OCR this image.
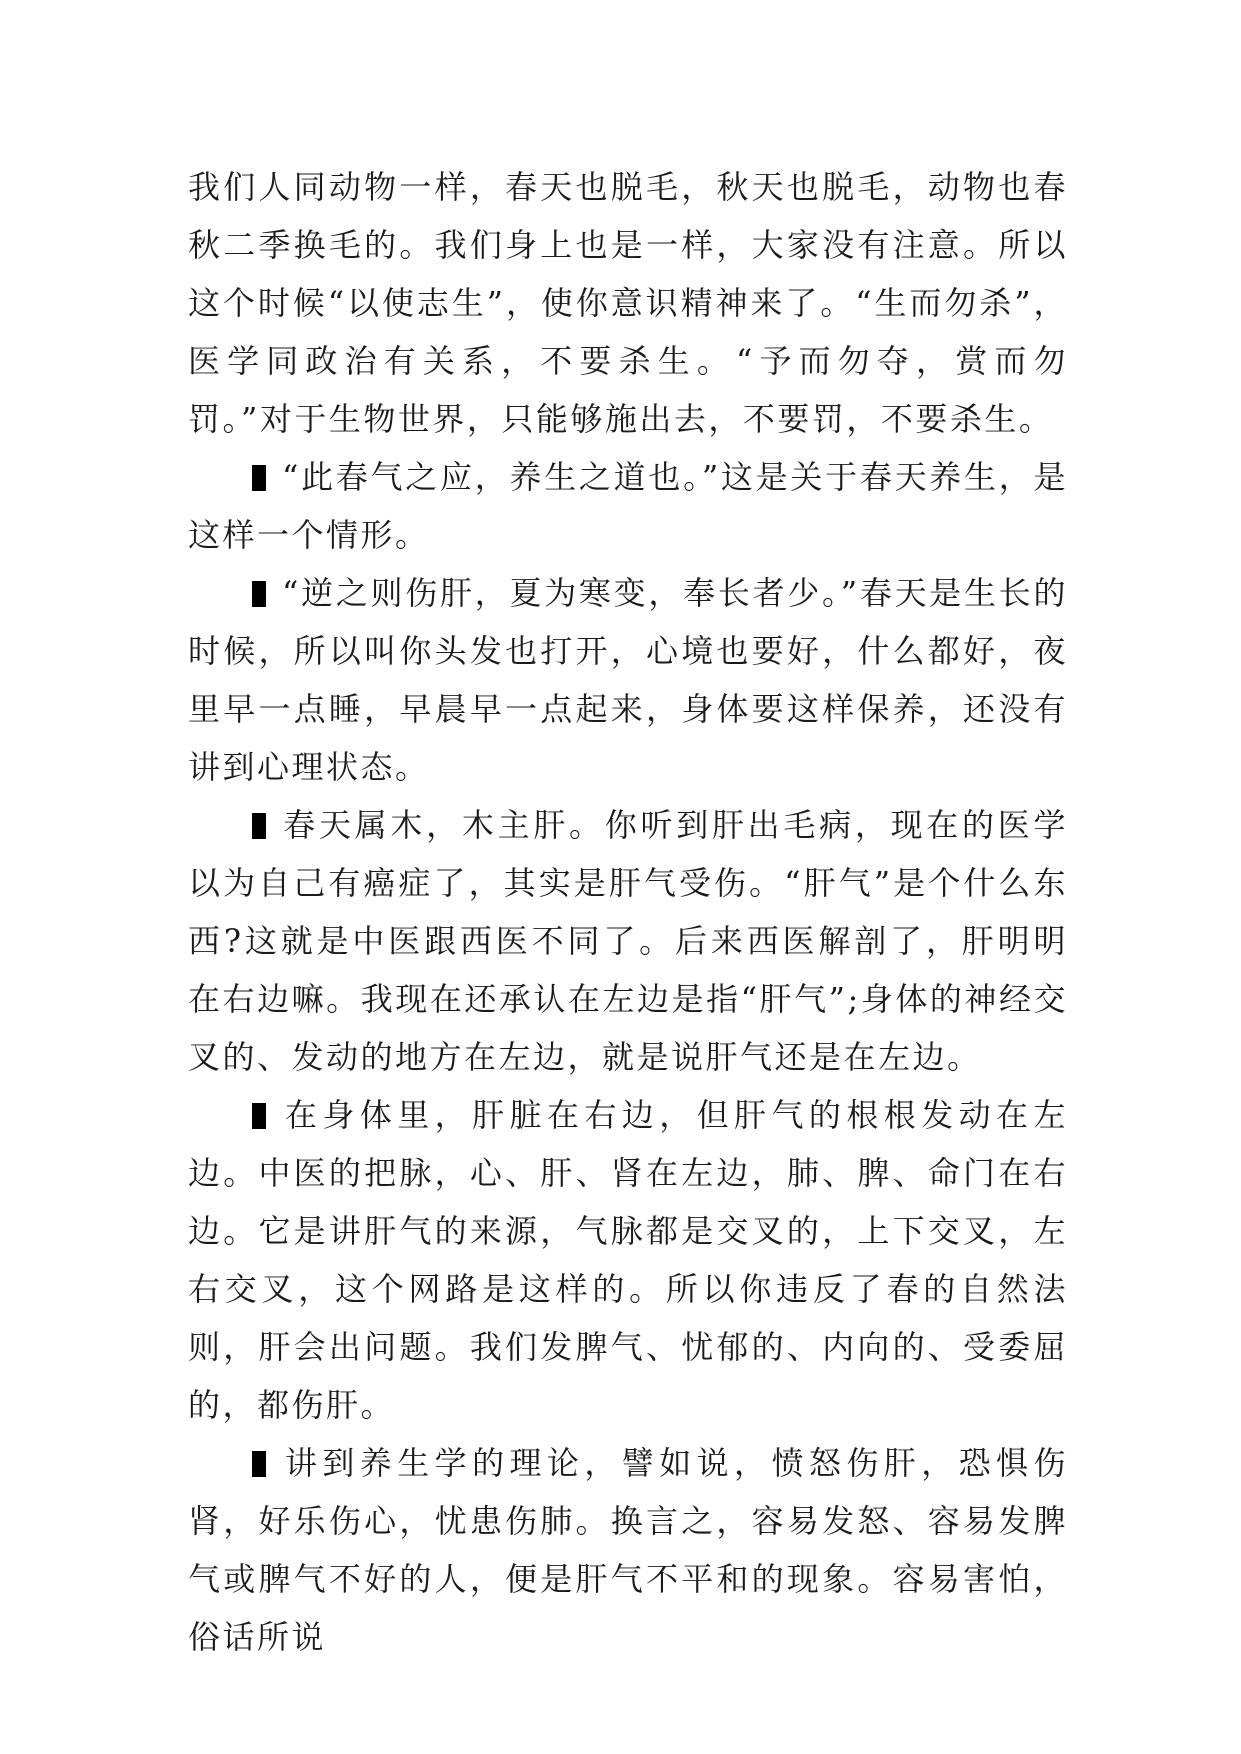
我们人同动物一样，春天也脱毛，秋天也脱毛，动物也春秋二季换毛的。我们身上也是一样，大家没有注意。所以这个时候“以使志生”，使你意识精神来了。“生而勿杀”，医学同政治有关系，不要杀生。“予而勿夺，赏而勿罚。”对于生物世界，只能够施出去，不要罚，不要杀生。

“此春气之应，养生之道也。”这是关于春天养生，是这样一个情形。

“逆之则伤肝，夏为寒变，奉长者少。”春天是生长的时候，所以叫你头发也打开，心境也要好，什么都好，夜里早一点睡，早晨早一点起来，身体要这样保养，还没有讲到心理状态。

春天属木，木主肝。你听到肝出毛病，现在的医学以为自己有癌症了，其实是肝气受伤。“肝气”是个什么东西?这就是中医跟西医不同了。后来西医解剖了，肝明明在右边嘛。我现在还承认在左边是指“肝气”;身体的神经交叉的、发动的地方在左边，就是说肝气还是在左边。

在身体里，肝脏在右边，但肝气的根根发动在左边。中医的把脉，心、肝、肾在左边，肺、脾、命门在右边。它是讲肝气的来源，气脉都是交叉的，上下交叉，左右交叉，这个网路是这样的。所以你违反了春的自然法则，肝会出问题。我们发脾气、忧郁的、内向的、受委屈的，都伤肝。

讲到养生学的理论，譬如说，愤怒伤肝，恐惧伤肾，好乐伤心，忧患伤肺。换言之，容易发怒、容易发脾气或脾气不好的人，便是肝气不平和的现象。容易害怕，俗话所说
